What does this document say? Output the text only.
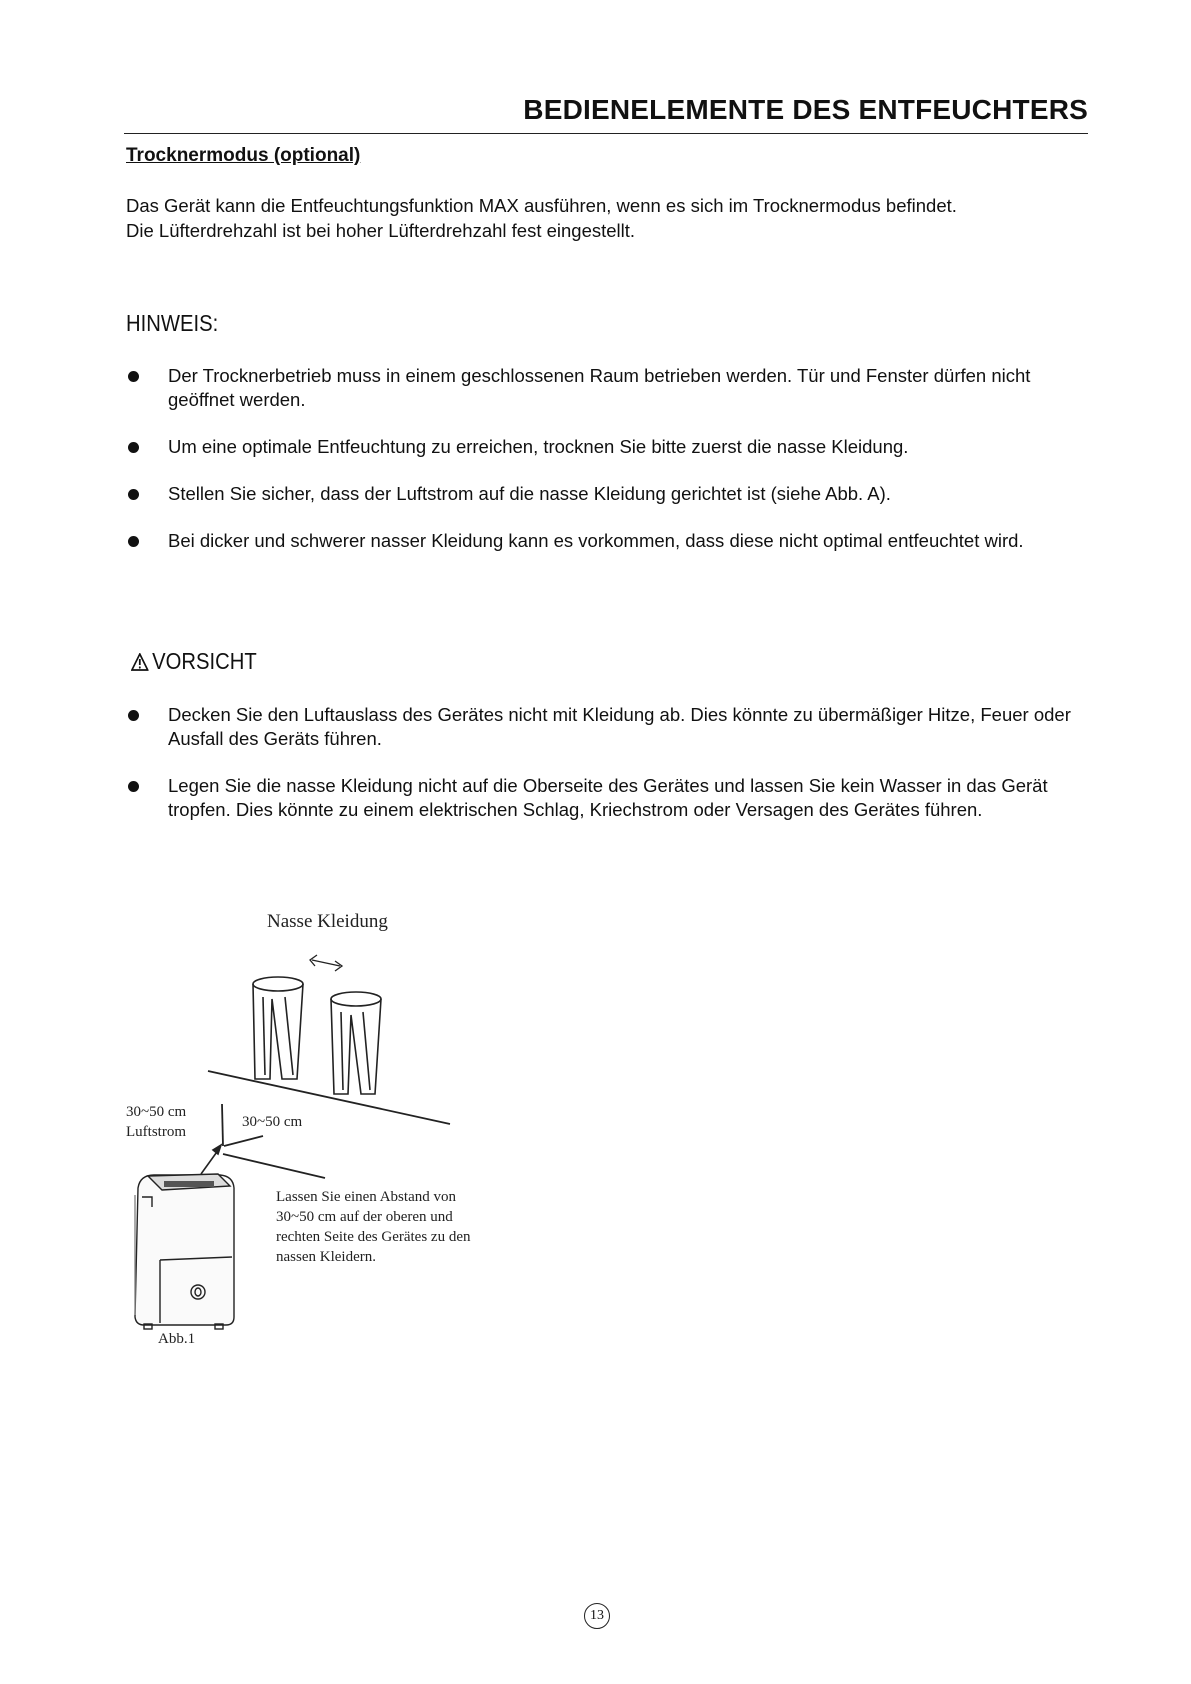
BEDIENELEMENTE DES ENTFEUCHTERS
Trocknermodus (optional)

Das Gerät kann die Entfeuchtungsfunktion MAX ausführen, wenn es sich im Trocknermodus befindet.
Die Lüfterdrehzahl ist bei hoher Lüfterdrehzahl fest eingestellt.

HINWEIS:
Der Trocknerbetrieb muss in einem geschlossenen Raum betrieben werden. Tür und Fenster dürfen nicht geöffnet werden.
Um eine optimale Entfeuchtung zu erreichen, trocknen Sie bitte zuerst die nasse Kleidung.
Stellen Sie sicher, dass der Luftstrom auf die nasse Kleidung gerichtet ist (siehe Abb. A).
Bei dicker und schwerer nasser Kleidung kann es vorkommen, dass diese nicht optimal entfeuchtet wird.
VORSICHT
Decken Sie den Luftauslass des Gerätes nicht mit Kleidung ab. Dies könnte zu übermäßiger Hitze, Feuer oder Ausfall des Geräts führen.
Legen Sie die nasse Kleidung nicht auf die Oberseite des Gerätes und lassen Sie kein Wasser in das Gerät tropfen. Dies könnte zu einem elektrischen Schlag, Kriechstrom oder Versagen des Gerätes führen.
Nasse Kleidung
30~50 cm
Luftstrom
30~50 cm
Lassen Sie einen Abstand von
30~50 cm auf der oberen und
rechten Seite des Gerätes zu den
nassen Kleidern.
Abb.1
13
